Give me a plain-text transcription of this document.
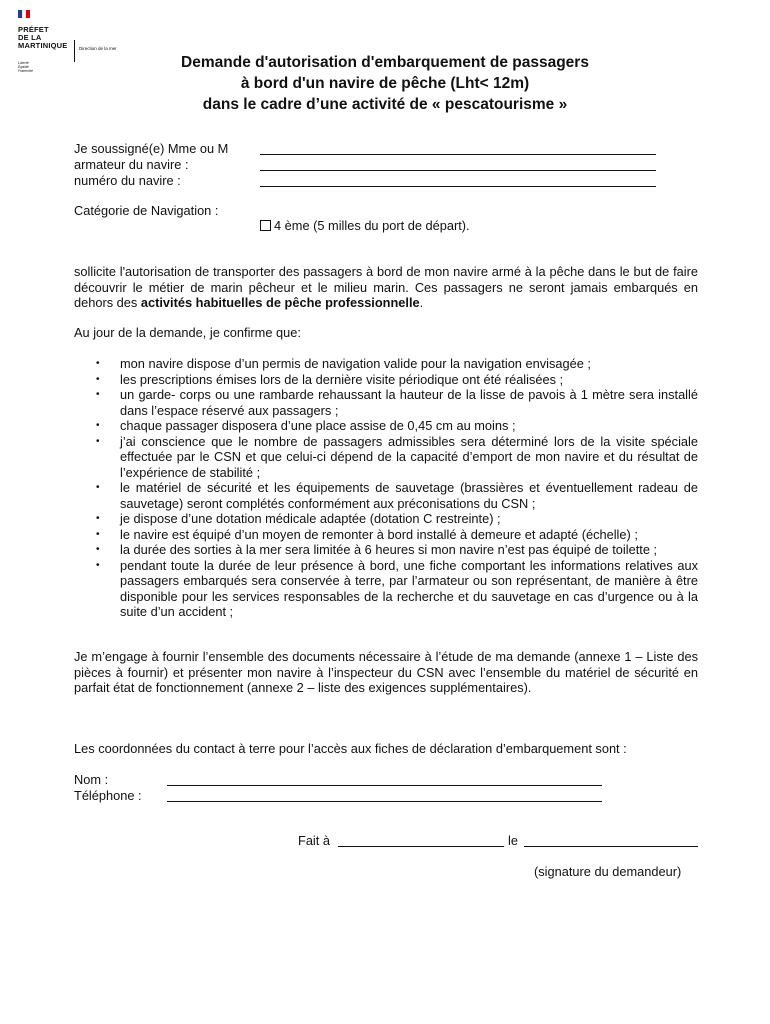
PRÉFET
DE LA
MARTINIQUE
Liberté
Égalité
Fraternité
Direction de la mer
Demande d'autorisation d'embarquement de passagers
à bord d'un navire de pêche (Lht< 12m)
dans le cadre d’une activité de « pescatourisme »
Je soussigné(e) Mme ou M
armateur du navire :
numéro du navire :
Catégorie de Navigation :
4 ème (5 milles du port de départ).
sollicite l'autorisation de transporter des passagers à bord de mon navire armé à la pêche dans le but de faire découvrir le métier de marin pêcheur et le milieu marin. Ces passagers ne seront jamais embarqués en dehors des activités habituelles de pêche professionnelle.
Au jour de la demande, je confirme que:
• mon navire dispose d’un permis de navigation valide pour la navigation envisagée ;
• les prescriptions émises lors de la dernière visite périodique ont été réalisées ;
• un garde- corps ou une rambarde rehaussant la hauteur de la lisse de pavois à 1 mètre sera installé dans l’espace réservé aux passagers ;
• chaque passager disposera d’une place assise de 0,45 cm au moins ;
• j’ai conscience que le nombre de passagers admissibles sera déterminé lors de la visite spéciale effectuée par le CSN et que celui-ci dépend de la capacité d’emport de mon navire et du résultat de l’expérience de stabilité ;
• le matériel de sécurité et les équipements de sauvetage (brassières et éventuellement radeau de sauvetage) seront complétés conformément aux préconisations du CSN ;
• je dispose d’une dotation médicale adaptée (dotation C restreinte) ;
• le navire est équipé d’un moyen de remonter à bord installé à demeure et adapté (échelle) ;
• la durée des sorties à la mer sera limitée à 6 heures si mon navire n’est pas équipé de toilette ;
• pendant toute la durée de leur présence à bord, une fiche comportant les informations relatives aux passagers embarqués sera conservée à terre, par l’armateur ou son représentant, de manière à être disponible pour les services responsables de la recherche et du sauvetage en cas d’urgence ou à la suite d’un accident ;
Je m’engage à fournir l’ensemble des documents nécessaire à l’étude de ma demande (annexe 1 – Liste des pièces à fournir) et présenter mon navire à l’inspecteur du CSN avec l’ensemble du matériel de sécurité en parfait état de fonctionnement (annexe 2 – liste des exigences supplémentaires).
Les coordonnées du contact à terre pour l’accès aux fiches de déclaration d’embarquement sont :
Nom :
Téléphone :
Fait à	le
(signature du demandeur)
